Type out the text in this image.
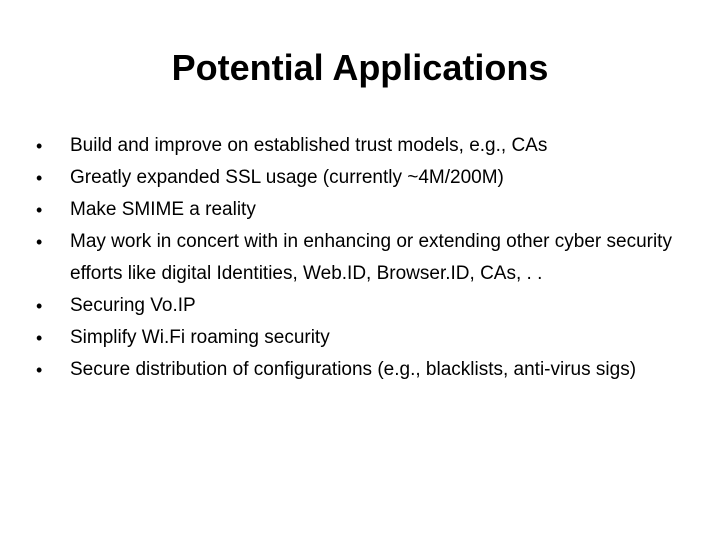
Potential Applications
•	Build and improve on established trust models, e.g., CAs
•	Greatly expanded SSL usage (currently ~4M/200M)
•	Make SMIME a reality
•	May work in concert with in enhancing or extending other cyber security efforts like digital Identities, Web.ID, Browser.ID, CAs, . .
•	Securing Vo.IP
•	Simplify Wi.Fi roaming security
•	Secure distribution of configurations (e.g., blacklists, anti-virus sigs)
